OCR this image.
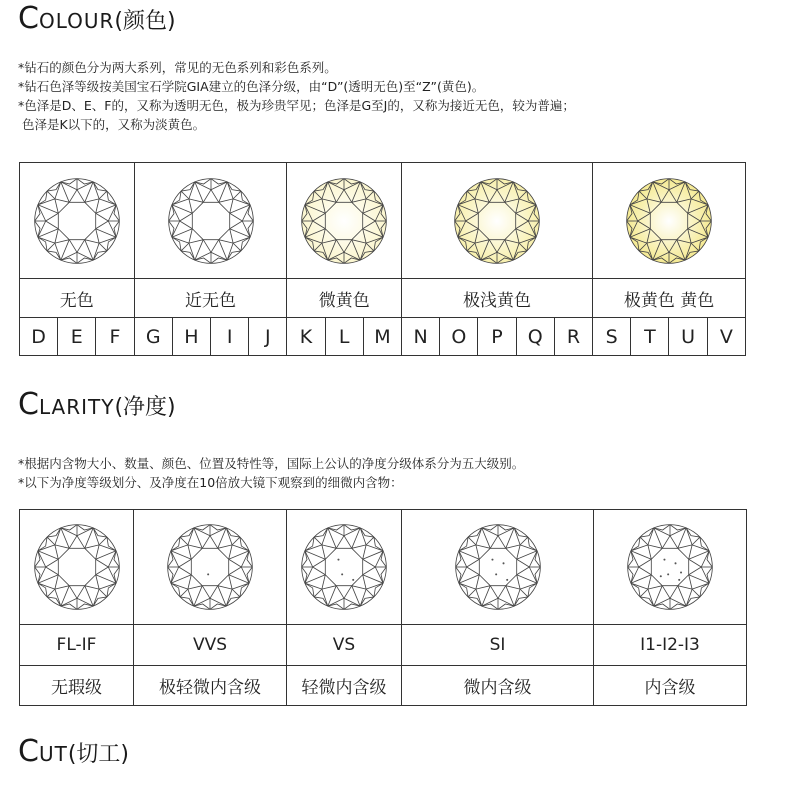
COLOUR(颜色)
*钻石的颜色分为两大系列，常见的无色系列和彩色系列。
*钻石色泽等级按美国宝石学院GIA建立的色泽分级，由“D”(透明无色)至“Z”(黄色)。
*色泽是D、E、F的，又称为透明无色，极为珍贵罕见；色泽是G至J的，又称为接近无色，较为普遍；
色泽是K以下的，又称为淡黄色。

无色			近无色				微黄色			极浅黄色					极黄色 黄色			
D	E	F	G	H	I	J	K	L	M	N	O	P	Q	R	S	T	U	V
CLARITY(净度)
*根据内含物大小、数量、颜色、位置及特性等，国际上公认的净度分级体系分为五大级别。
*以下为净度等级划分、及净度在10倍放大镜下观察到的细微内含物：

FL-IF	VVS	VS	SI	I1-I2-I3
无瑕级	极轻微内含级	轻微内含级	微内含级	内含级
CUT(切工)
